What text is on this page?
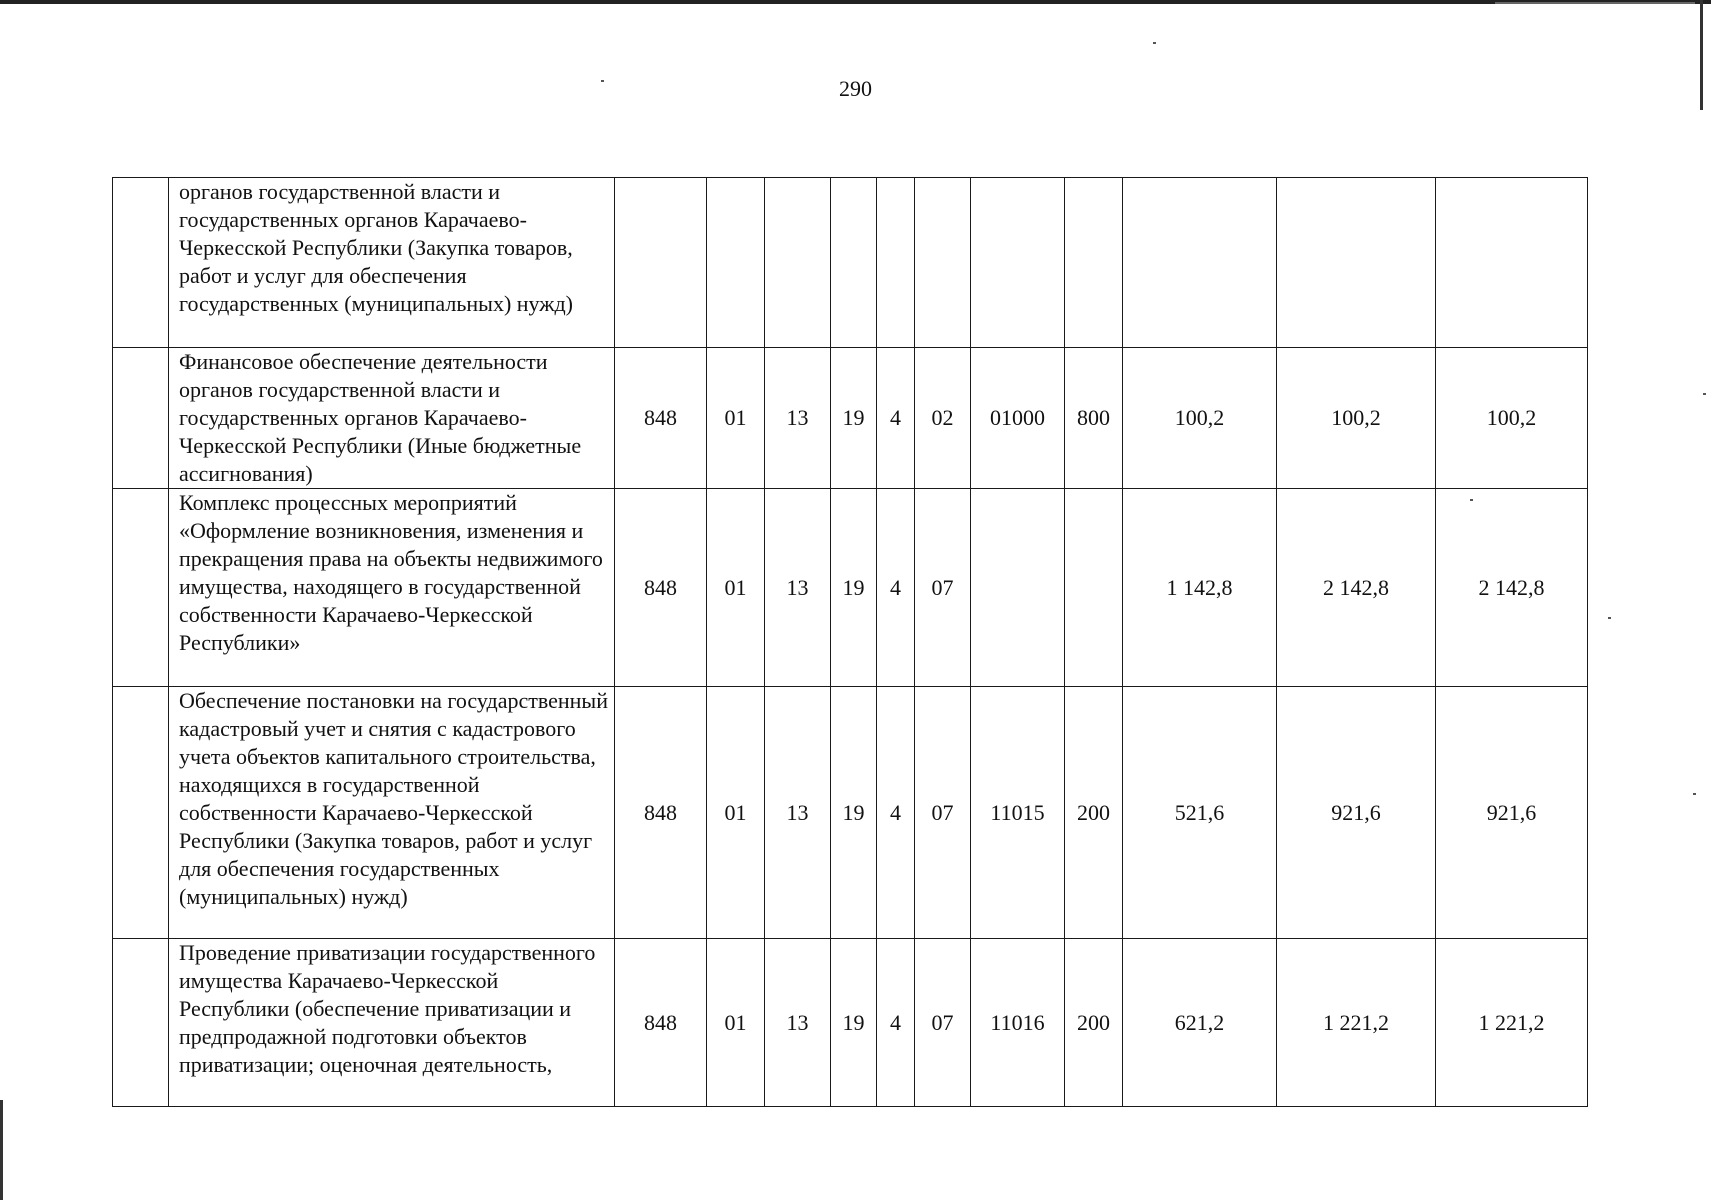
290
	органов государственной власти и государственных органов Карачаево-Черкесской Республики (Закупка товаров, работ и услуг для обеспечения государственных (муниципальных) нужд)											
	Финансовое обеспечение деятельности органов государственной власти и государственных органов Карачаево-Черкесской Республики (Иные бюджетные ассигнования)	848	01	13	19	4	02	01000	800	100,2	100,2	100,2
	Комплекс процессных мероприятий «Оформление возникновения, изменения и прекращения права на объекты недвижимого имущества, находящего в государственной собственности Карачаево-Черкесской Республики»	848	01	13	19	4	07			1 142,8	2 142,8	2 142,8
	Обеспечение постановки на государственный кадастровый учет и снятия с кадастрового учета объектов капитального строительства, находящихся в государственной собственности Карачаево-Черкесской Республики (Закупка товаров, работ и услуг для обеспечения государственных (муниципальных) нужд)	848	01	13	19	4	07	11015	200	521,6	921,6	921,6
	Проведение приватизации государственного имущества Карачаево-Черкесской Республики (обеспечение приватизации и предпродажной подготовки объектов приватизации; оценочная деятельность,	848	01	13	19	4	07	11016	200	621,2	1 221,2	1 221,2
